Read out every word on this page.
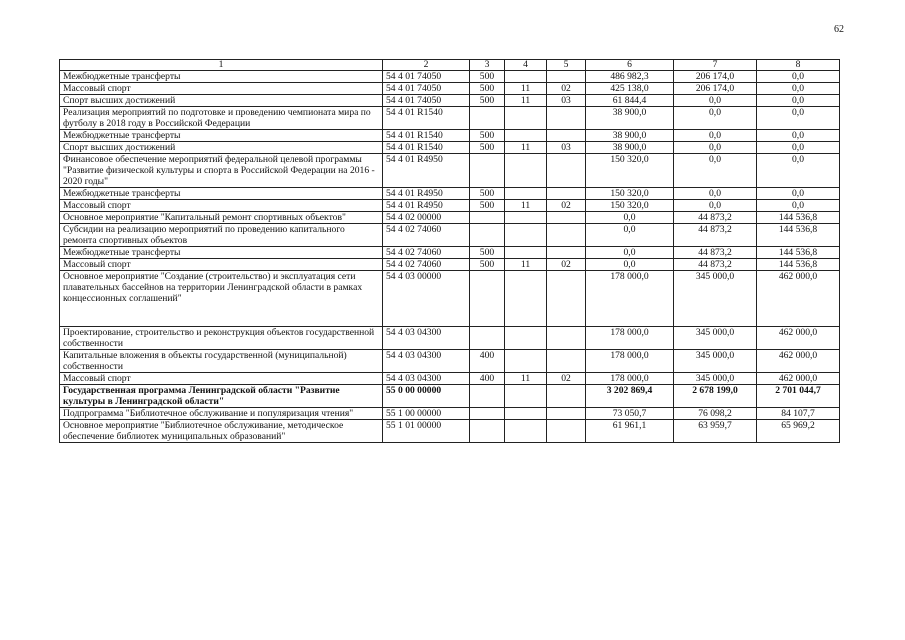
62
1	2	3	4	5	6	7	8
Межбюджетные трансферты	54 4 01 74050	500			486 982,3	206 174,0	0,0
Массовый спорт	54 4 01 74050	500	11	02	425 138,0	206 174,0	0,0
Спорт высших достижений	54 4 01 74050	500	11	03	61 844,4	0,0	0,0
Реализация мероприятий по подготовке и проведению чемпионата мира по футболу в 2018 году в Российской Федерации	54 4 01 R1540				38 900,0	0,0	0,0
Межбюджетные трансферты	54 4 01 R1540	500			38 900,0	0,0	0,0
Спорт высших достижений	54 4 01 R1540	500	11	03	38 900,0	0,0	0,0
Финансовое обеспечение мероприятий федеральной целевой программы "Развитие физической культуры и спорта в Российской Федерации на 2016 - 2020 годы"	54 4 01 R4950				150 320,0	0,0	0,0
Межбюджетные трансферты	54 4 01 R4950	500			150 320,0	0,0	0,0
Массовый спорт	54 4 01 R4950	500	11	02	150 320,0	0,0	0,0
Основное мероприятие "Капитальный ремонт спортивных объектов"	54 4 02 00000				0,0	44 873,2	144 536,8
Субсидии на реализацию мероприятий по проведению капитального ремонта спортивных объектов	54 4 02 74060				0,0	44 873,2	144 536,8
Межбюджетные трансферты	54 4 02 74060	500			0,0	44 873,2	144 536,8
Массовый спорт	54 4 02 74060	500	11	02	0,0	44 873,2	144 536,8
Основное мероприятие "Создание (строительство) и эксплуатация сети плавательных бассейнов на территории Ленинградской области в рамках концессионных соглашений"	54 4 03 00000				178 000,0	345 000,0	462 000,0
Проектирование, строительство и реконструкция объектов государственной собственности	54 4 03 04300				178 000,0	345 000,0	462 000,0
Капитальные вложения в объекты государственной (муниципальной) собственности	54 4 03 04300	400			178 000,0	345 000,0	462 000,0
Массовый спорт	54 4 03 04300	400	11	02	178 000,0	345 000,0	462 000,0
Государственная программа Ленинградской области "Развитие культуры в Ленинградской области"	55 0 00 00000				3 202 869,4	2 678 199,0	2 701 044,7
Подпрограмма "Библиотечное обслуживание и популяризация чтения"	55 1 00 00000				73 050,7	76 098,2	84 107,7
Основное мероприятие "Библиотечное обслуживание, методическое обеспечение библиотек муниципальных образований"	55 1 01 00000				61 961,1	63 959,7	65 969,2
